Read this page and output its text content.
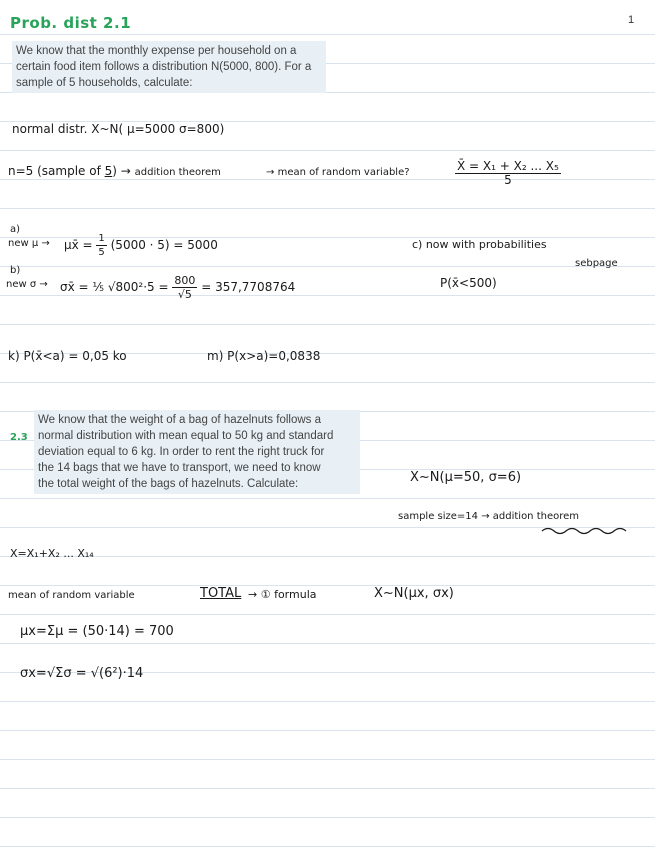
1
Prob. dist 2.1
We know that the monthly expense per household on a
certain food item follows a distribution N(5000, 800). For a
sample of 5 households, calculate:
normal distr. X~N( μ=5000 σ=800)
n=5 (sample of 5) → addition theorem	→ mean of random variable?	$\frac{\text{X̄ = X₁ + X₂ ... X₅}}{5}$
a)
new μ → μx̄ = $\frac{1}{5} (5000 \cdot 5) = 5000$	c) now with probabilities
sebpage
P(x̄<500)
b)
new σ → σx̄ = ⅕ $√800^2\cdot 5 = \frac{800}{√5} = 357,7708764$
k) P(x̄<a) = 0,05 ko	m) P(x>a)=0,0838
2.3
We know that the weight of a bag of hazelnuts follows a
normal distribution with mean equal to 50 kg and standard
deviation equal to 6 kg. In order to rent the right truck for
the 14 bags that we have to transport, we need to know
the total weight of the bags of hazelnuts. Calculate:	X~N(μ=50, σ=6)
sample size=14 → addition theorem
X=X₁+X₂ ... X₁₄
mean of random variable	TOTAL → ① formula	X~N(μx, σx)
μx=Σμ = (50·14) = 700
σx=√Σσ = √(6²)·14
